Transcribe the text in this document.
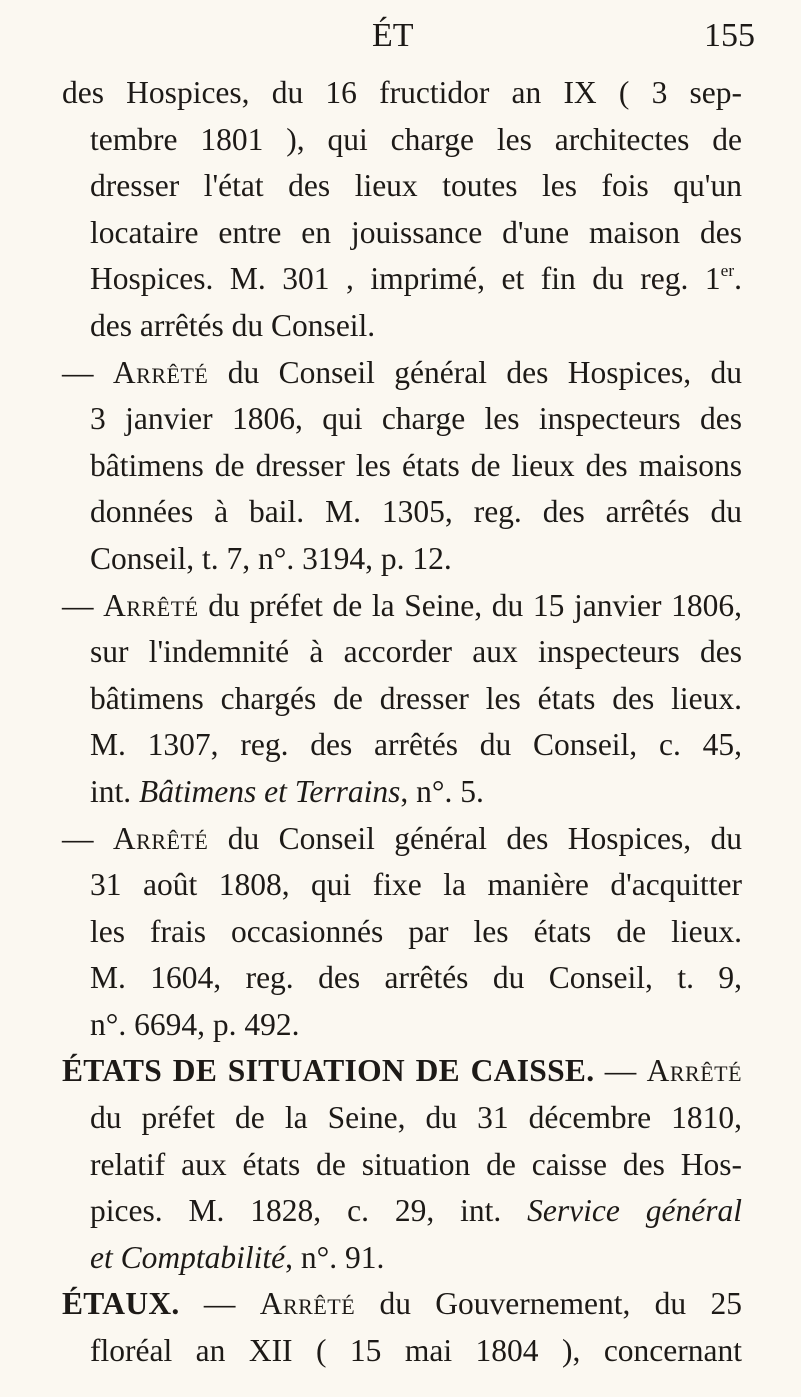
ÉT	155
des Hospices, du 16 fructidor an IX ( 3 sep-
tembre 1801 ), qui charge les architectes de
dresser l'état des lieux toutes les fois qu'un
locataire entre en jouissance d'une maison des
Hospices. M. 301 , imprimé, et fin du reg. 1er.
des arrêtés du Conseil.
— Arrêté du Conseil général des Hospices, du
3 janvier 1806, qui charge les inspecteurs des
bâtimens de dresser les états de lieux des maisons
données à bail. M. 1305, reg. des arrêtés du
Conseil, t. 7, n°. 3194, p. 12.
— Arrêté du préfet de la Seine, du 15 janvier 1806,
sur l'indemnité à accorder aux inspecteurs des
bâtimens chargés de dresser les états des lieux.
M. 1307, reg. des arrêtés du Conseil, c. 45,
int. Bâtimens et Terrains, n°. 5.
— Arrêté du Conseil général des Hospices, du
31 août 1808, qui fixe la manière d'acquitter
les frais occasionnés par les états de lieux.
M. 1604, reg. des arrêtés du Conseil, t. 9,
n°. 6694, p. 492.
ÉTATS DE SITUATION DE CAISSE. — Arrêté
du préfet de la Seine, du 31 décembre 1810,
relatif aux états de situation de caisse des Hos-
pices. M. 1828, c. 29, int. Service général
et Comptabilité, n°. 91.
ÉTAUX. — Arrêté du Gouvernement, du 25
floréal an XII ( 15 mai 1804 ), concernant
